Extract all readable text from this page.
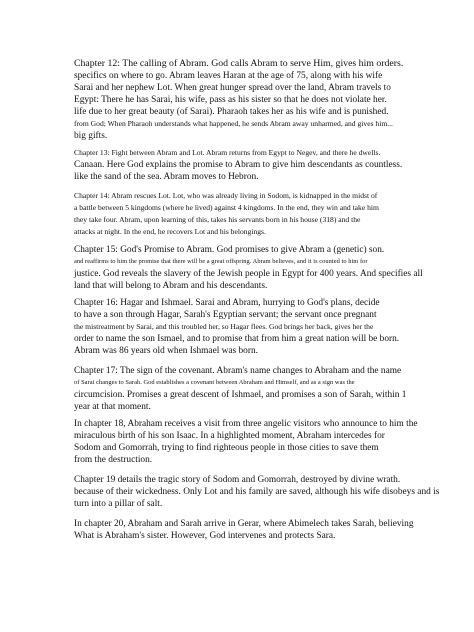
Chapter 12: The calling of Abram. God calls Abram to serve Him, gives him orders.
specifics on where to go. Abram leaves Haran at the age of 75, along with his wife
Sarai and her nephew Lot. When great hunger spread over the land, Abram travels to
Egypt: There he has Sarai, his wife, pass as his sister so that he does not violate her.
life due to her great beauty (of Sarai). Pharaoh takes her as his wife and is punished.
from God; When Pharaoh understands what happened, he sends Abram away unharmed, and gives him...
big gifts.
Chapter 13: Fight between Abram and Lot. Abram returns from Egypt to Negev, and there he dwells.
Canaan. Here God explains the promise to Abram to give him descendants as countless.
like the sand of the sea. Abram moves to Hebron.
Chapter 14: Abram rescues Lot. Lot, who was already living in Sodom, is kidnapped in the midst of
a battle between 5 kingdoms (where he lived) against 4 kingdoms. In the end, they win and take him
they take four. Abram, upon learning of this, takes his servants born in his house (318) and the
attacks at night. In the end, he recovers Lot and his belongings.
Chapter 15: God's Promise to Abram. God promises to give Abram a (genetic) son.
and reaffirms to him the promise that there will be a great offspring. Abram believes, and it is counted to him for
justice. God reveals the slavery of the Jewish people in Egypt for 400 years. And specifies all
land that will belong to Abram and his descendants.
Chapter 16: Hagar and Ishmael. Sarai and Abram, hurrying to God's plans, decide
to have a son through Hagar, Sarah's Egyptian servant; the servant once pregnant
the mistreatment by Sarai, and this troubled her, so Hagar flees. God brings her back, gives her the
order to name the son Ismael, and to promise that from him a great nation will be born.
Abram was 86 years old when Ishmael was born.
Chapter 17: The sign of the covenant. Abram's name changes to Abraham and the name
of Sarai changes to Sarah. God establishes a covenant between Abraham and Himself, and as a sign was the
circumcision. Promises a great descent of Ishmael, and promises a son of Sarah, within 1
year at that moment.
In chapter 18, Abraham receives a visit from three angelic visitors who announce to him the
miraculous birth of his son Isaac. In a highlighted moment, Abraham intercedes for
Sodom and Gomorrah, trying to find righteous people in those cities to save them
from the destruction.
Chapter 19 details the tragic story of Sodom and Gomorrah, destroyed by divine wrath.
because of their wickedness. Only Lot and his family are saved, although his wife disobeys and is
turn into a pillar of salt.
In chapter 20, Abraham and Sarah arrive in Gerar, where Abimelech takes Sarah, believing
What is Abraham's sister. However, God intervenes and protects Sara.
